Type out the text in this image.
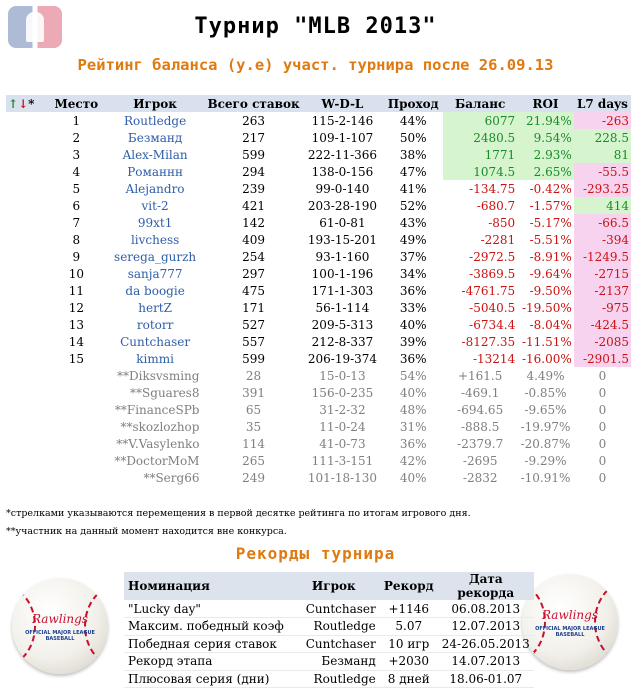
Турнир "MLB 2013"
Рейтинг баланса (у.е) участ. турнира после 26.09.13
↑↓*	Место	Игрок	Всего ставок	W-D-L	Проход	Баланс	ROI	L7 days
	1	Routledge	263	115-2-146	44%	6077	21.94%	-263
	2	Безманд	217	109-1-107	50%	2480.5	9.54%	228.5
	3	Alex-Milan	599	222-11-366	38%	1771	2.93%	81
	4	Романнн	294	138-0-156	47%	1074.5	2.65%	-55.5
	5	Alejandro	239	99-0-140	41%	-134.75	-0.42%	-293.25
	6	vit-2	421	203-28-190	52%	-680.7	-1.57%	414
	7	99xt1	142	61-0-81	43%	-850	-5.17%	-66.5
	8	livchess	409	193-15-201	49%	-2281	-5.51%	-394
	9	serega_gurzh	254	93-1-160	37%	-2972.5	-8.91%	-1249.5
	10	sanja777	297	100-1-196	34%	-3869.5	-9.64%	-2715
	11	da boogie	475	171-1-303	36%	-4761.75	-9.50%	-2137
	12	hertZ	171	56-1-114	33%	-5040.5	-19.50%	-975
	13	rotorr	527	209-5-313	40%	-6734.4	-8.04%	-424.5
	14	Cuntchaser	557	212-8-337	39%	-8127.35	-11.51%	-2085
	15	kimmi	599	206-19-374	36%	-13214	-16.00%	-2901.5
		**Diksvsming	28	15-0-13	54%	+161.5	4.49%	0
		**Sguares8	391	156-0-235	40%	-469.1	-0.85%	0
		**FinanceSPb	65	31-2-32	48%	-694.65	-9.65%	0
		**skozlozhop	35	11-0-24	31%	-888.5	-19.97%	0
		**V.Vasylenko	114	41-0-73	36%	-2379.7	-20.87%	0
		**DoctorMoM	265	111-3-151	42%	-2695	-9.29%	0
		**Serg66	249	101-18-130	40%	-2832	-10.91%	0
*стрелками указываются перемещения в первой десятке рейтинга по итогам игрового дня.
**участник на данный момент находится вне конкурса.
Рекорды турнира
Rawlings
OFFICIAL MAJOR LEAGUE BASEBALL
Rawlings
OFFICIAL MAJOR LEAGUE BASEBALL
Номинация	Игрок	Рекорд	Дата рекорда
"Lucky day"	Cuntchaser	+1146	06.08.2013
Максим. победный коэф	Routledge	5.07	12.07.2013
Победная серия ставок	Cuntchaser	10 игр	24-26.05.2013
Рекорд этапа	Безманд	+2030	14.07.2013
Плюсовая серия (дни)	Routledge	8 дней	18.06-01.07
